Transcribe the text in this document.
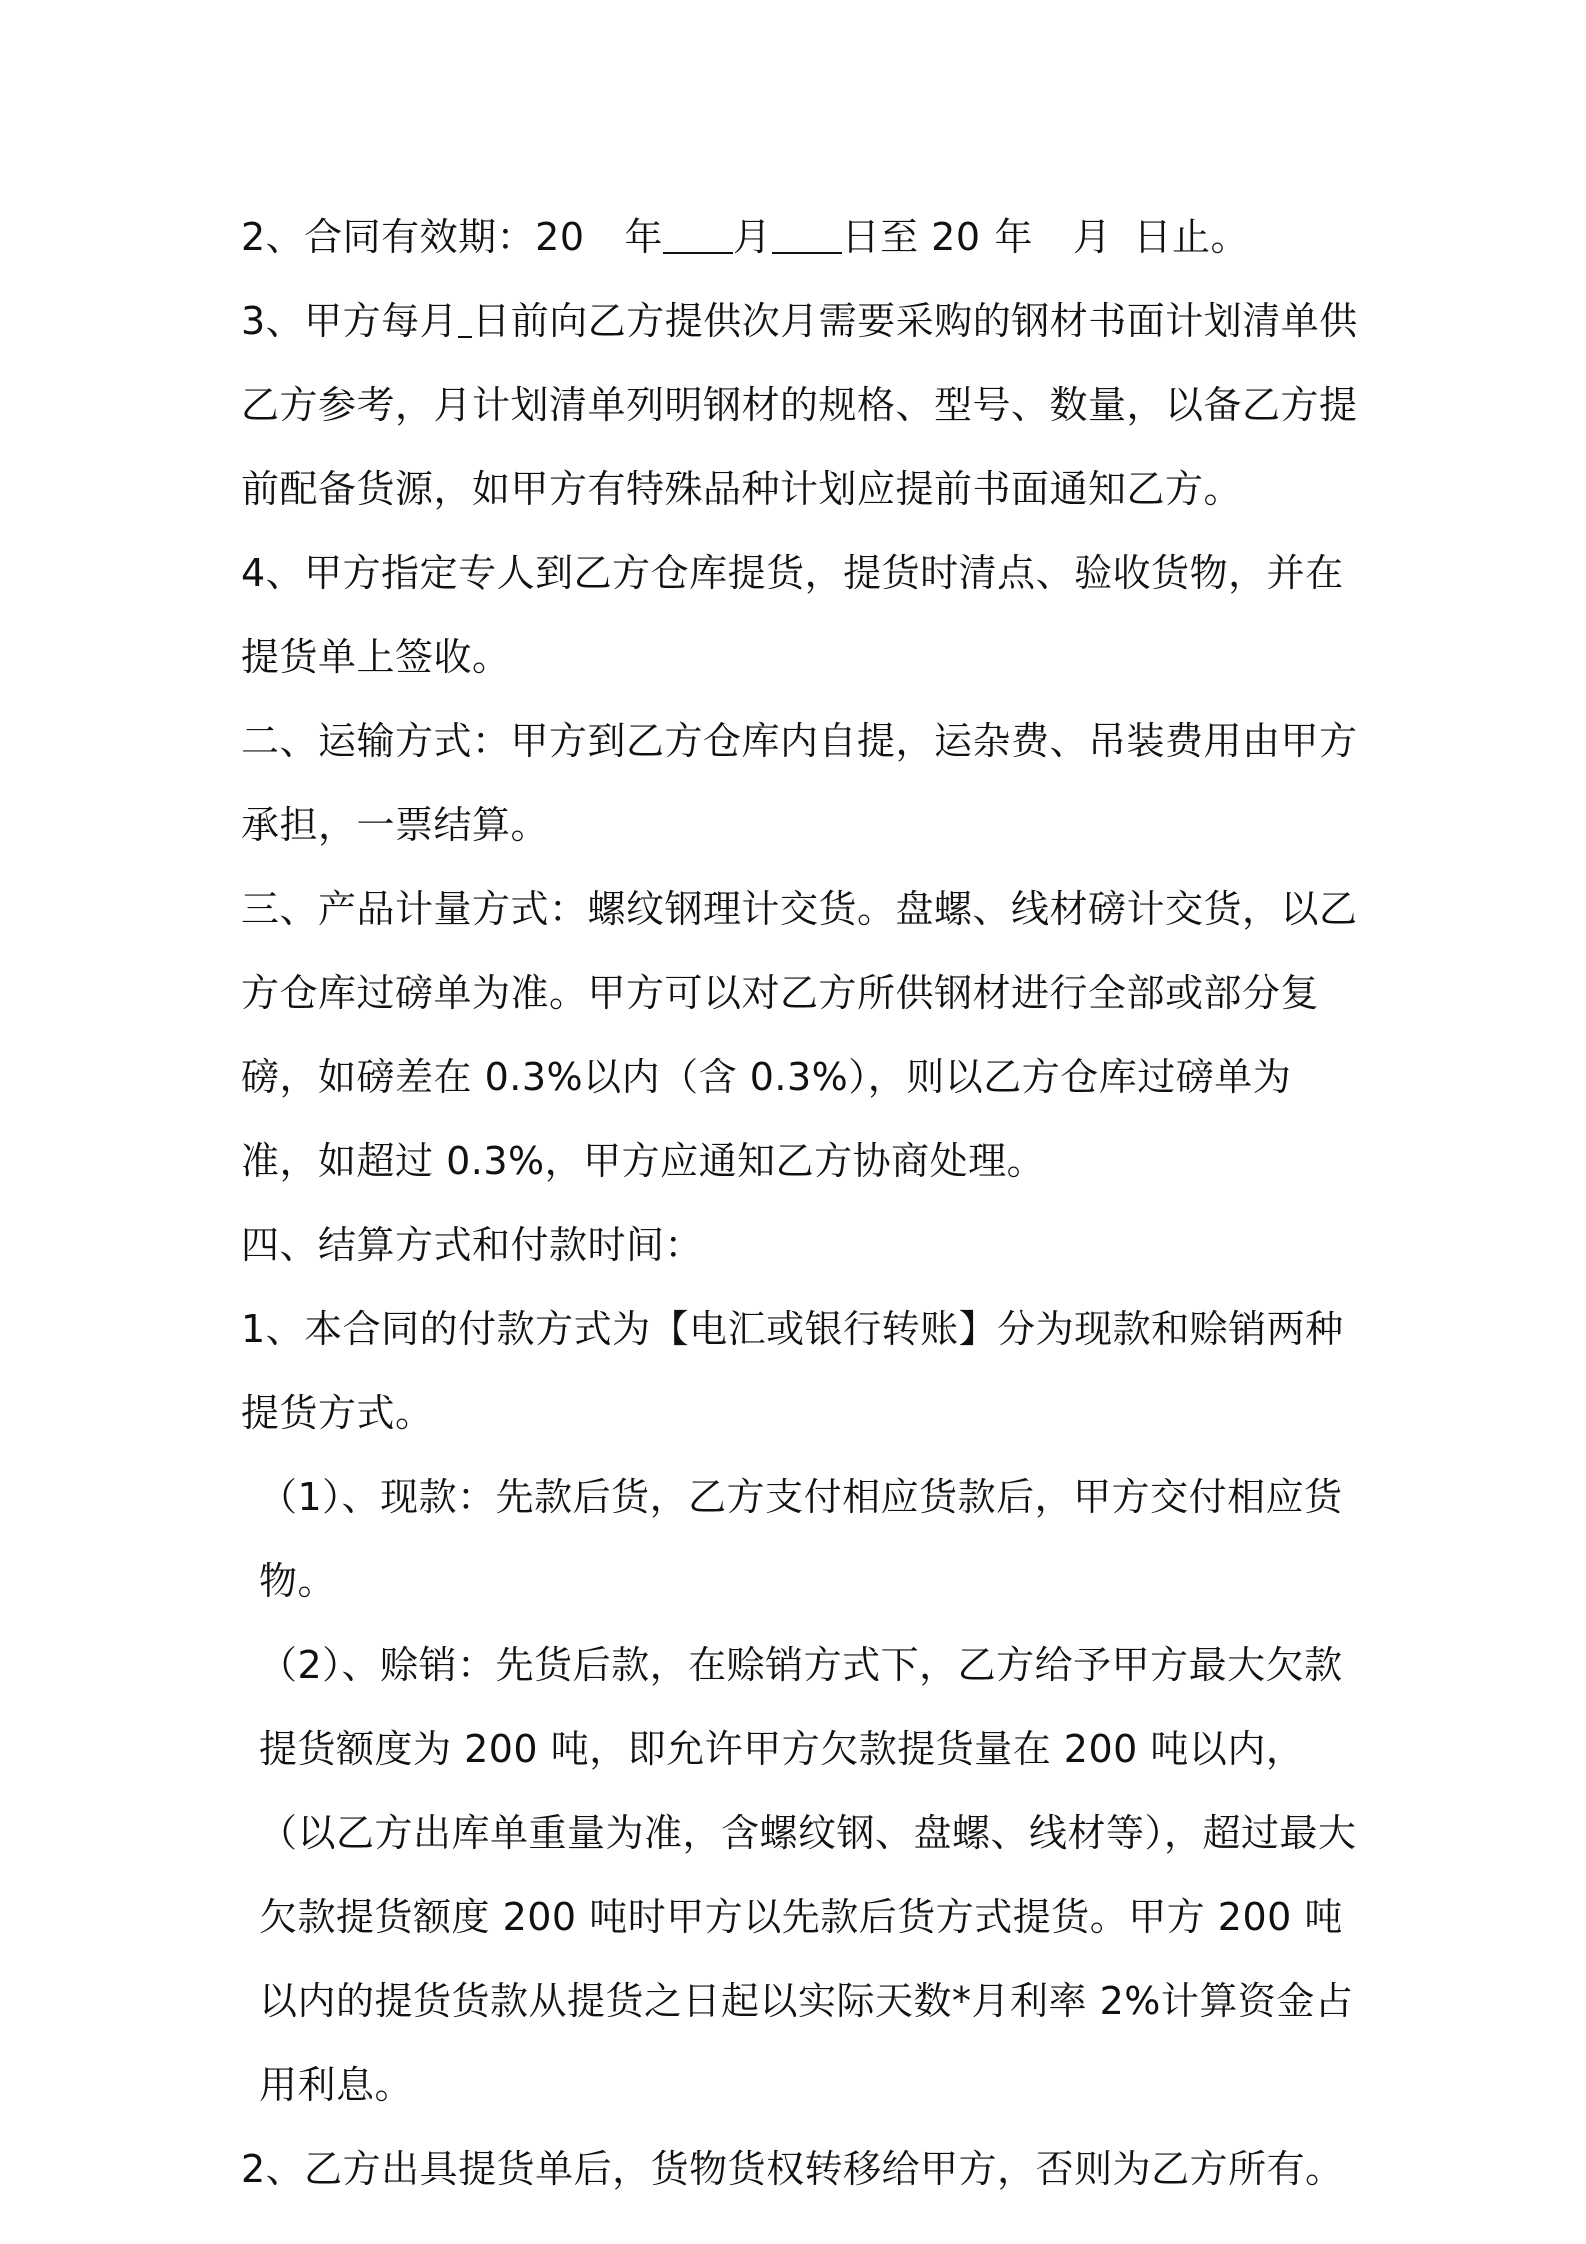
2、合同有效期：20 年 月 日至 20 年 月 日止。

3、甲方每月 日前向乙方提供次月需要采购的钢材书面计划清单供乙方参考，月计划清单列明钢材的规格、型号、数量，以备乙方提前配备货源，如甲方有特殊品种计划应提前书面通知乙方。

4、甲方指定专人到乙方仓库提货，提货时清点、验收货物，并在提货单上签收。

二、运输方式：甲方到乙方仓库内自提，运杂费、吊装费用由甲方承担，一票结算。

三、产品计量方式：螺纹钢理计交货。盘螺、线材磅计交货，以乙方仓库过磅单为准。甲方可以对乙方所供钢材进行全部或部分复磅，如磅差在 0.3%以内（含 0.3%），则以乙方仓库过磅单为准，如超过 0.3%，甲方应通知乙方协商处理。

四、结算方式和付款时间：

1、本合同的付款方式为【电汇或银行转账】分为现款和赊销两种提货方式。

（1）、现款：先款后货，乙方支付相应货款后，甲方交付相应货物。

（2）、赊销：先货后款，在赊销方式下，乙方给予甲方最大欠款提货额度为 200 吨，即允许甲方欠款提货量在 200 吨以内，（以乙方出库单重量为准，含螺纹钢、盘螺、线材等），超过最大欠款提货额度 200 吨时甲方以先款后货方式提货。甲方 200 吨以内的提货货款从提货之日起以实际天数*月利率 2%计算资金占用利息。

2、乙方出具提货单后，货物货权转移给甲方，否则为乙方所有。
